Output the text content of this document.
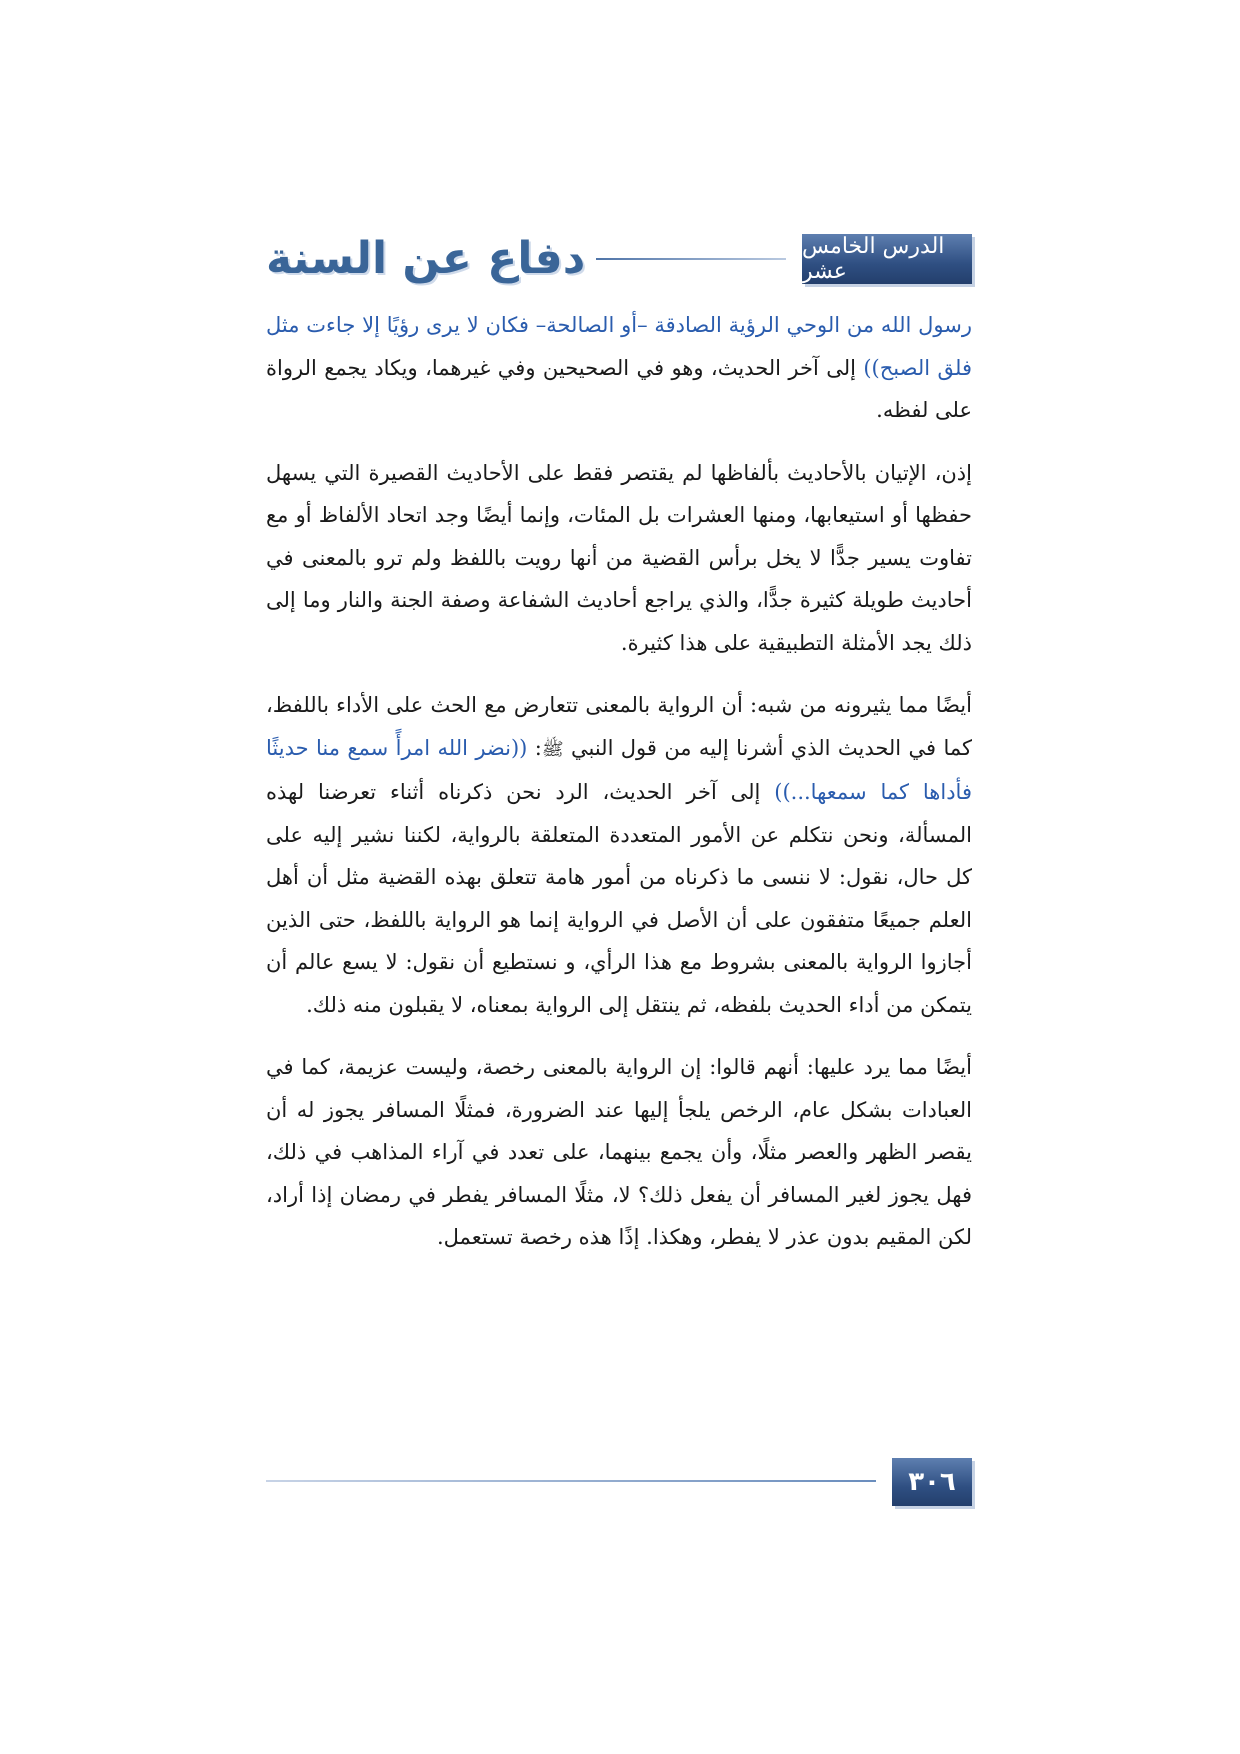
دفاع عن السنة	الدرس الخامس عشر

رسول الله من الوحي الرؤية الصادقة –أو الصالحة– فكان لا يرى رؤيًا إلا جاءت مثل فلق الصبح)) إلى آخر الحديث، وهو في الصحيحين وفي غيرهما، ويكاد يجمع الرواة على لفظه.

إذن، الإتيان بالأحاديث بألفاظها لم يقتصر فقط على الأحاديث القصيرة التي يسهل حفظها أو استيعابها، ومنها العشرات بل المئات، وإنما أيضًا وجد اتحاد الألفاظ أو مع تفاوت يسير جدًّا لا يخل برأس القضية من أنها رويت باللفظ ولم ترو بالمعنى في أحاديث طويلة كثيرة جدًّا، والذي يراجع أحاديث الشفاعة وصفة الجنة والنار وما إلى ذلك يجد الأمثلة التطبيقية على هذا كثيرة.

أيضًا مما يثيرونه من شبه: أن الرواية بالمعنى تتعارض مع الحث على الأداء باللفظ، كما في الحديث الذي أشرنا إليه من قول النبي ﷺ: ((نضر الله امرأً سمع منا حديثًا فأداها كما سمعها...)) إلى آخر الحديث، الرد نحن ذكرناه أثناء تعرضنا لهذه المسألة، ونحن نتكلم عن الأمور المتعددة المتعلقة بالرواية، لكننا نشير إليه على كل حال، نقول: لا ننسى ما ذكرناه من أمور هامة تتعلق بهذه القضية مثل أن أهل العلم جميعًا متفقون على أن الأصل في الرواية إنما هو الرواية باللفظ، حتى الذين أجازوا الرواية بالمعنى بشروط مع هذا الرأي، و نستطيع أن نقول: لا يسع عالم أن يتمكن من أداء الحديث بلفظه، ثم ينتقل إلى الرواية بمعناه، لا يقبلون منه ذلك.

أيضًا مما يرد عليها: أنهم قالوا: إن الرواية بالمعنى رخصة، وليست عزيمة، كما في العبادات بشكل عام، الرخص يلجأ إليها عند الضرورة، فمثلًا المسافر يجوز له أن يقصر الظهر والعصر مثلًا، وأن يجمع بينهما، على تعدد في آراء المذاهب في ذلك، فهل يجوز لغير المسافر أن يفعل ذلك؟ لا، مثلًا المسافر يفطر في رمضان إذا أراد، لكن المقيم بدون عذر لا يفطر، وهكذا. إذًا هذه رخصة تستعمل.

٣٠٦
